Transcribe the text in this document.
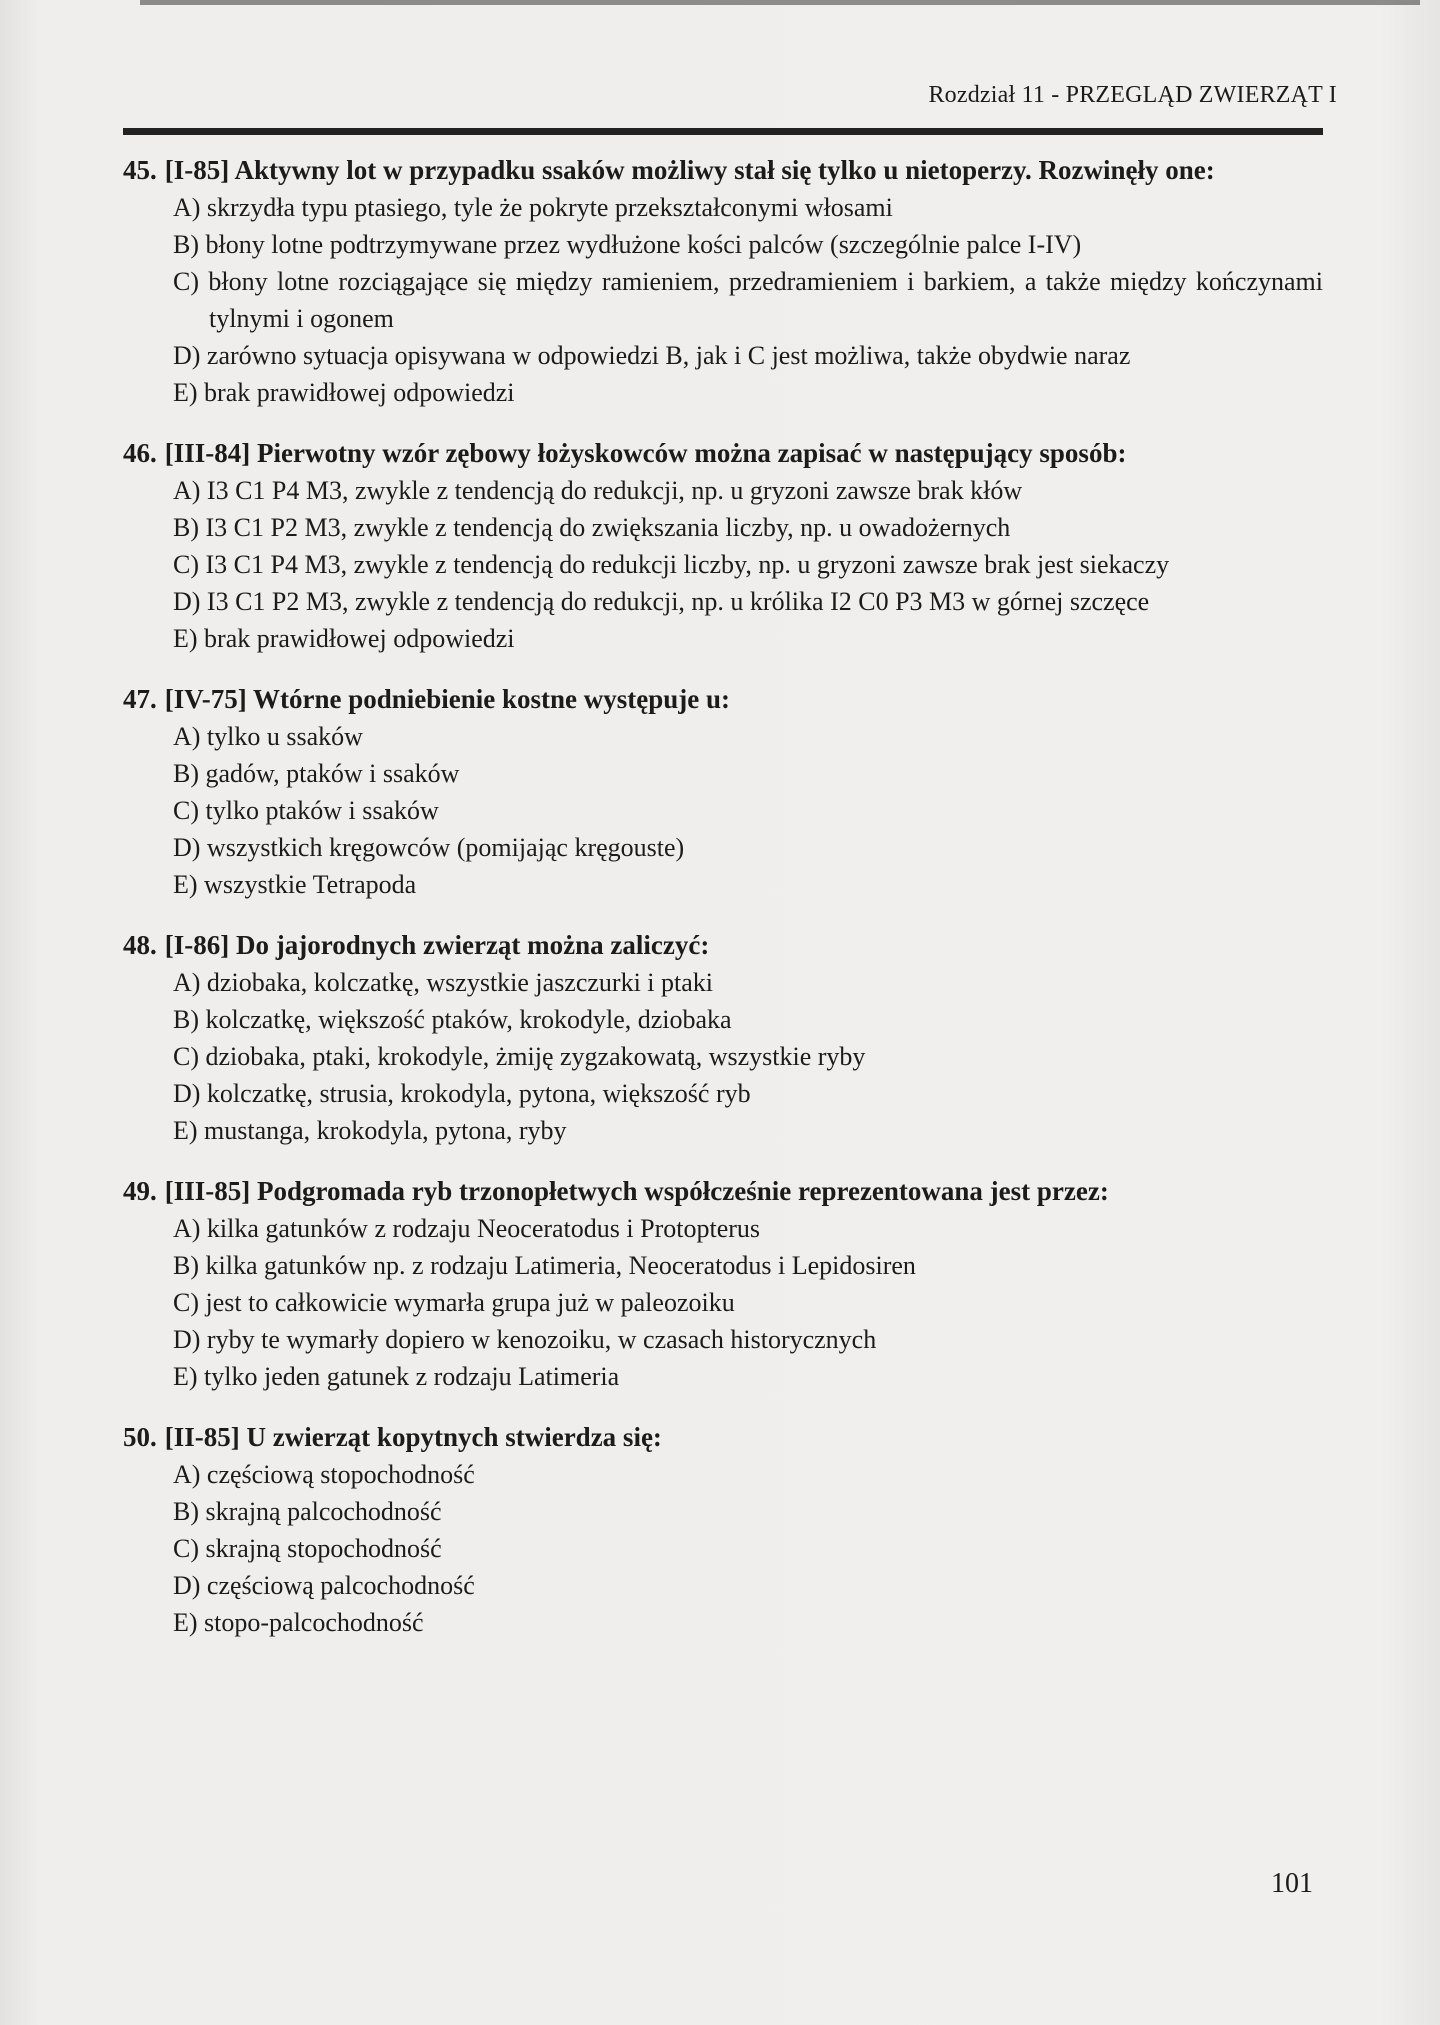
Rozdział 11 - PRZEGLĄD ZWIERZĄT I
45. [I-85] Aktywny lot w przypadku ssaków możliwy stał się tylko u nietoperzy. Rozwinęły one:

A) skrzydła typu ptasiego, tyle że pokryte przekształconymi włosami

B) błony lotne podtrzymywane przez wydłużone kości palców (szczególnie palce I-IV)

C) błony lotne rozciągające się między ramieniem, przedramieniem i barkiem, a także między kończynami tylnymi i ogonem

D) zarówno sytuacja opisywana w odpowiedzi B, jak i C jest możliwa, także obydwie naraz

E) brak prawidłowej odpowiedzi

46. [III-84] Pierwotny wzór zębowy łożyskowców można zapisać w następujący sposób:

A) I3 C1 P4 M3, zwykle z tendencją do redukcji, np. u gryzoni zawsze brak kłów

B) I3 C1 P2 M3, zwykle z tendencją do zwiększania liczby, np. u owadożernych

C) I3 C1 P4 M3, zwykle z tendencją do redukcji liczby, np. u gryzoni zawsze brak jest siekaczy

D) I3 C1 P2 M3, zwykle z tendencją do redukcji, np. u królika I2 C0 P3 M3 w górnej szczęce

E) brak prawidłowej odpowiedzi

47. [IV-75] Wtórne podniebienie kostne występuje u:

A) tylko u ssaków

B) gadów, ptaków i ssaków

C) tylko ptaków i ssaków

D) wszystkich kręgowców (pomijając kręgouste)

E) wszystkie Tetrapoda

48. [I-86] Do jajorodnych zwierząt można zaliczyć:

A) dziobaka, kolczatkę, wszystkie jaszczurki i ptaki

B) kolczatkę, większość ptaków, krokodyle, dziobaka

C) dziobaka, ptaki, krokodyle, żmiję zygzakowatą, wszystkie ryby

D) kolczatkę, strusia, krokodyla, pytona, większość ryb

E) mustanga, krokodyla, pytona, ryby

49. [III-85] Podgromada ryb trzonopłetwych współcześnie reprezentowana jest przez:

A) kilka gatunków z rodzaju Neoceratodus i Protopterus

B) kilka gatunków np. z rodzaju Latimeria, Neoceratodus i Lepidosiren

C) jest to całkowicie wymarła grupa już w paleozoiku

D) ryby te wymarły dopiero w kenozoiku, w czasach historycznych

E) tylko jeden gatunek z rodzaju Latimeria

50. [II-85] U zwierząt kopytnych stwierdza się:

A) częściową stopochodność

B) skrajną palcochodność

C) skrajną stopochodność

D) częściową palcochodność

E) stopo-palcochodność

101
